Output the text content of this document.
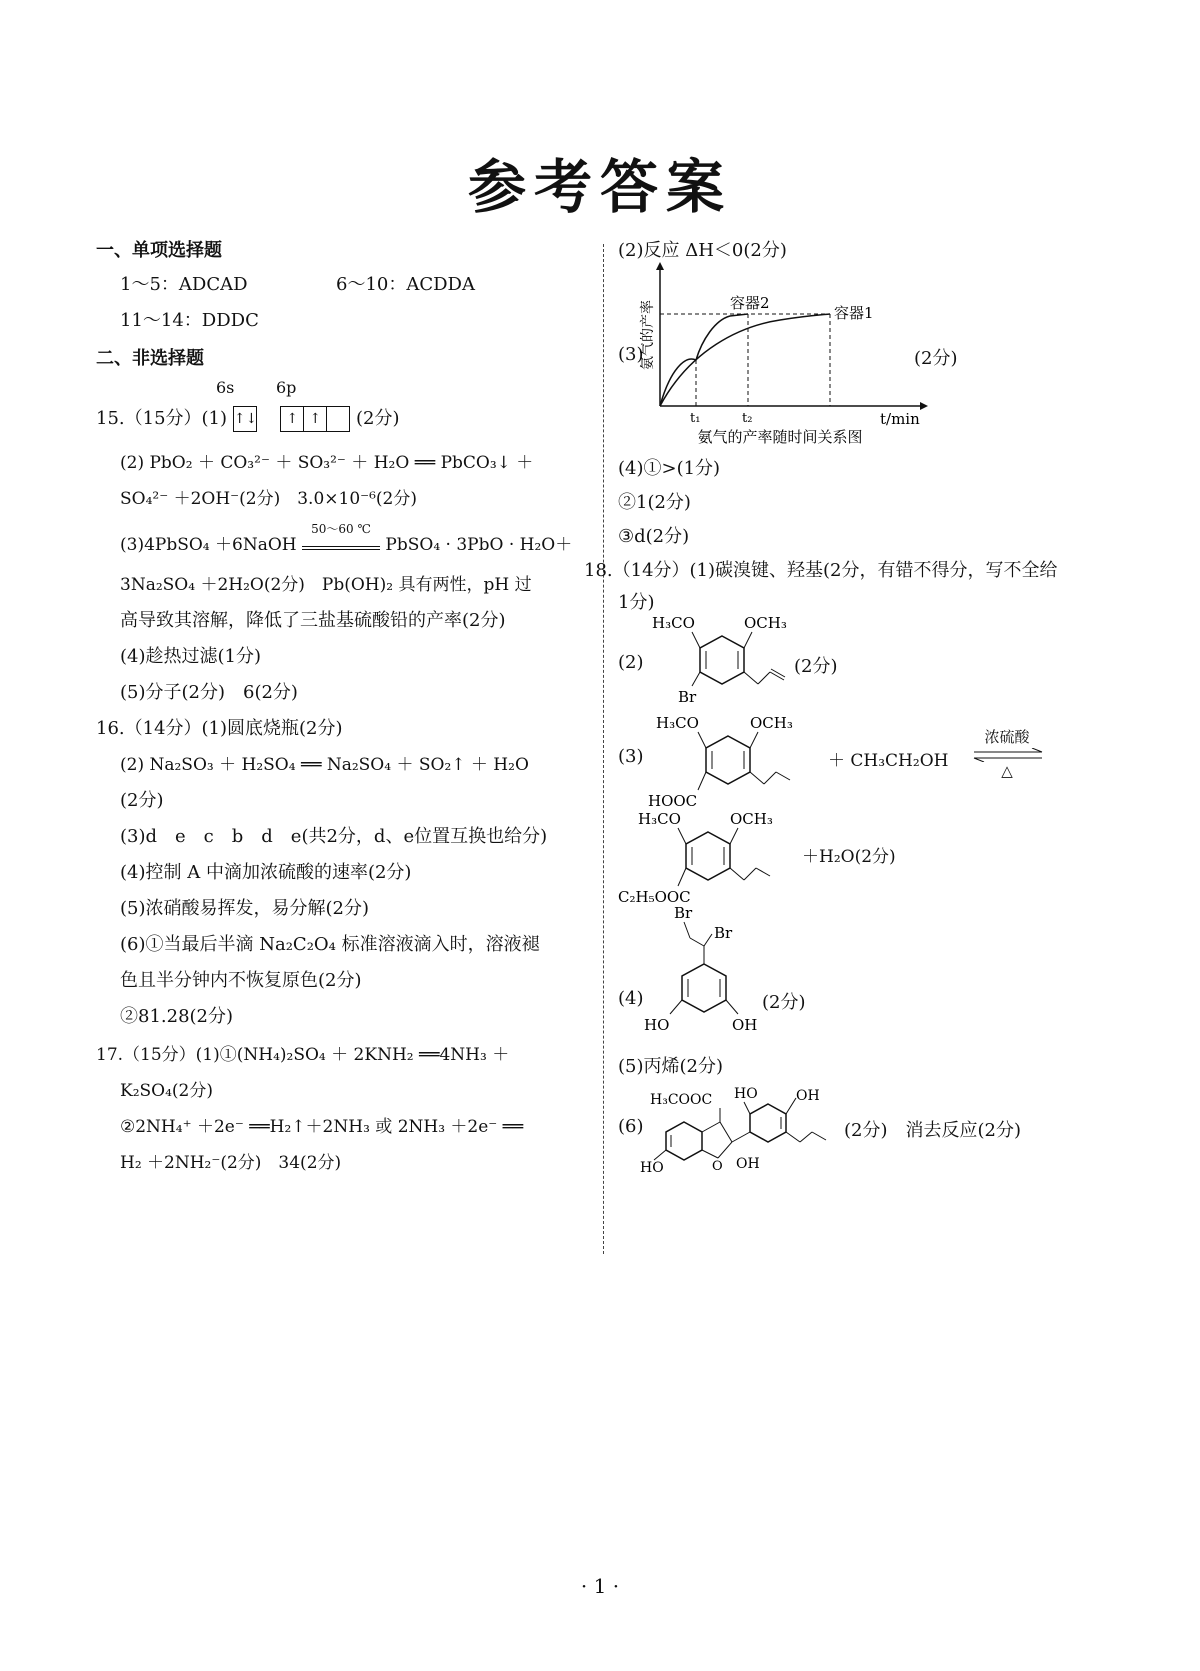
参考答案
一、单项选择题
1～5：ADCAD	6～10：ACDDA
11～14：DDDC
二、非选择题
6s	6p
15.（15分）(1) ↑↓ ↑ ↑ (2分)
(2) PbO₂ ＋ CO₃²⁻ ＋ SO₃²⁻ ＋ H₂O ══ PbCO₃↓ ＋
SO₄²⁻ ＋2OH⁻(2分)　3.0×10⁻⁶(2分)
(3)4PbSO₄ ＋6NaOH
50～60 ℃
PbSO₄ · 3PbO · H₂O＋
3Na₂SO₄ ＋2H₂O(2分)　Pb(OH)₂ 具有两性，pH 过
高导致其溶解，降低了三盐基硫酸铅的产率(2分)
(4)趁热过滤(1分)
(5)分子(2分)　6(2分)
16.（14分）(1)圆底烧瓶(2分)
(2) Na₂SO₃ ＋ H₂SO₄ ══ Na₂SO₄ ＋ SO₂↑ ＋ H₂O
(2分)
(3)d　e　c　b　d　e(共2分，d、e位置互换也给分)
(4)控制 A 中滴加浓硫酸的速率(2分)
(5)浓硝酸易挥发，易分解(2分)
(6)①当最后半滴 Na₂C₂O₄ 标准溶液滴入时，溶液褪
色且半分钟内不恢复原色(2分)
②81.28(2分)
17.（15分）(1)①(NH₄)₂SO₄ ＋ 2KNH₂ ══4NH₃ ＋
K₂SO₄(2分)
②2NH₄⁺ ＋2e⁻ ══H₂↑＋2NH₃ 或 2NH₃ ＋2e⁻ ══
H₂ ＋2NH₂⁻(2分)　34(2分)
(2)反应 ΔH＜0(2分)
(3)
容器2
容器1
t₁	t₂	t/min
氨气的产率
氨气的产率随时间关系图
(2分)
(4)①>(1分)
②1(2分)
③d(2分)
18.（14分）(1)碳溴键、羟基(2分，有错不得分，写不全给
1分)
(2)
H₃CO	OCH₃
Br
(2分)
(3)
H₃CO	OCH₃
HOOC
＋ CH₃CH₂OH
浓硫酸
△
H₃CO	OCH₃
C₂H₅OOC
＋H₂O(2分)
(4)
Br
Br
HO	OH
(2分)
(5)丙烯(2分)
(6)
H₃COOC HO	OH
O
HO	OH
(2分)　消去反应(2分)
· 1 ·
